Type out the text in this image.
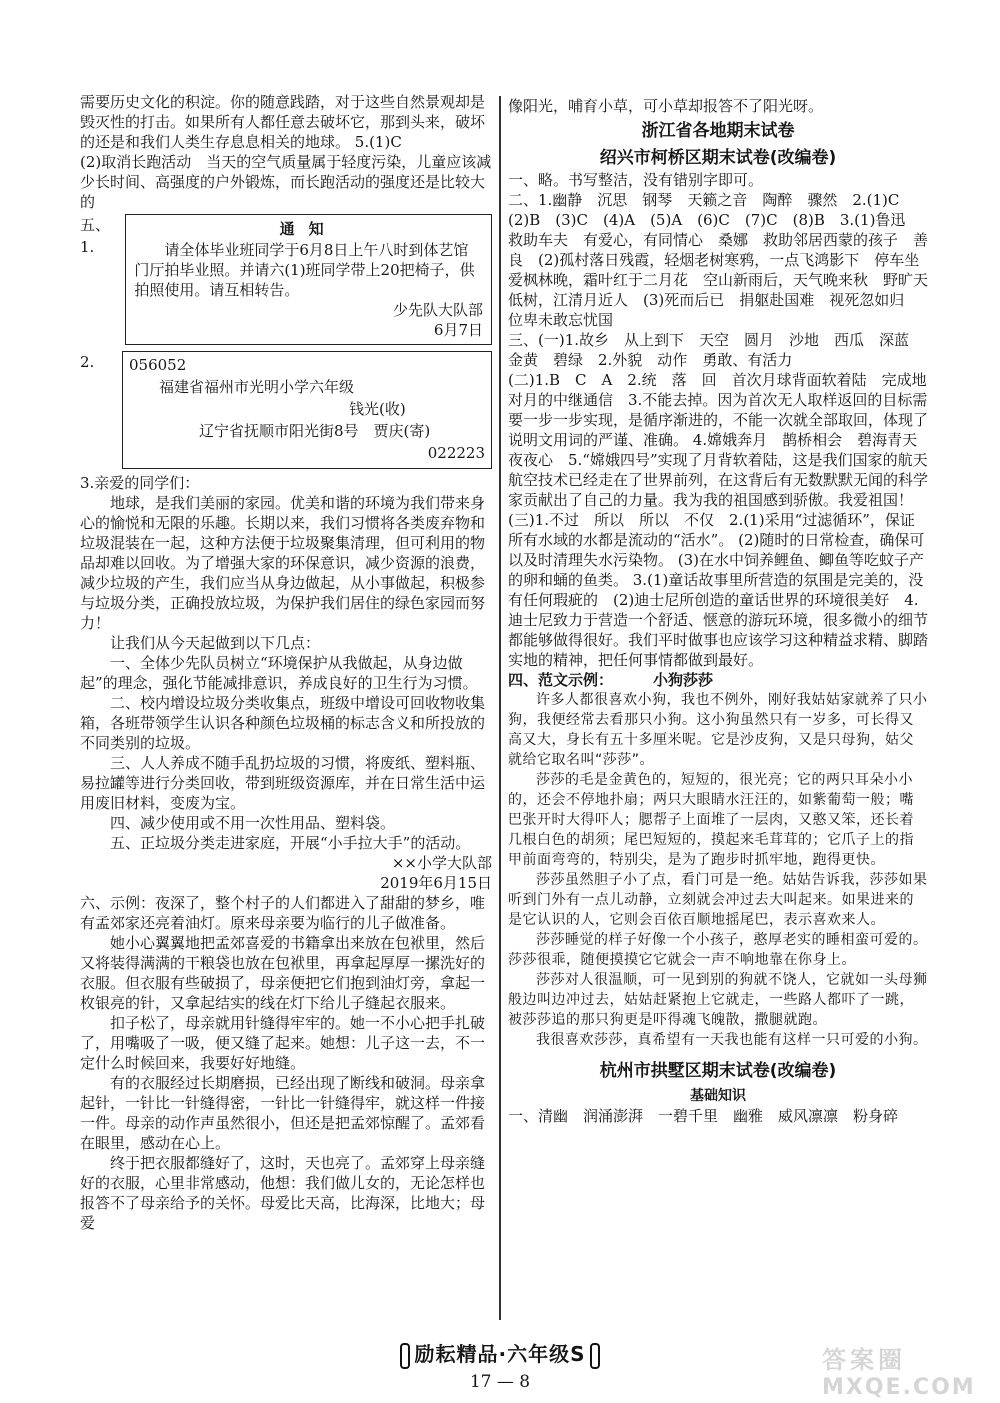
需要历史文化的积淀。你的随意践踏，对于这些自然景观却是毁灭性的打击。如果所有人都任意去破坏它，那到头来，破坏的还是和我们人类生存息息相关的地球。 5.(1)C

(2)取消长跑活动　当天的空气质量属于轻度污染，儿童应该减少长时间、高强度的户外锻炼，而长跑活动的强度还是比较大的

五、1.
通知

请全体毕业班同学于6月8日上午八时到体艺馆门厅拍毕业照。并请六(1)班同学带上20把椅子，供拍照使用。请互相转告。

少先队大队部

6月7日

2.	056052

福建省福州市光明小学六年级

钱光(收)

辽宁省抚顺市阳光街8号　贾庆(寄)

022223

3.亲爱的同学们：

地球，是我们美丽的家园。优美和谐的环境为我们带来身心的愉悦和无限的乐趣。长期以来，我们习惯将各类废弃物和垃圾混装在一起，这种方法便于垃圾聚集清理，但可利用的物品却难以回收。为了增强大家的环保意识，减少资源的浪费，减少垃圾的产生，我们应当从身边做起，从小事做起，积极参与垃圾分类，正确投放垃圾，为保护我们居住的绿色家园而努力！

让我们从今天起做到以下几点：

一、全体少先队员树立“环境保护从我做起，从身边做起”的理念，强化节能减排意识，养成良好的卫生行为习惯。

二、校内增设垃圾分类收集点，班级中增设可回收物收集箱，各班带领学生认识各种颜色垃圾桶的标志含义和所投放的不同类别的垃圾。

三、人人养成不随手乱扔垃圾的习惯，将废纸、塑料瓶、易拉罐等进行分类回收，带到班级资源库，并在日常生活中运用废旧材料，变废为宝。

四、减少使用或不用一次性用品、塑料袋。

五、正垃圾分类走进家庭，开展“小手拉大手”的活动。

××小学大队部

2019年6月15日

六、示例：夜深了，整个村子的人们都进入了甜甜的梦乡，唯有孟郊家还亮着油灯。原来母亲要为临行的儿子做准备。

她小心翼翼地把孟郊喜爱的书籍拿出来放在包袱里，然后又将装得满满的干粮袋也放在包袱里，再拿起厚厚一摞洗好的衣服。但衣服有些破损了，母亲便把它们抱到油灯旁，拿起一枚银亮的针，又拿起结实的线在灯下给儿子缝起衣服来。

扣子松了，母亲就用针缝得牢牢的。她一不小心把手扎破了，用嘴吸了一吸，便又缝了起来。她想：儿子这一去，不一定什么时候回来，我要好好地缝。

有的衣服经过长期磨损，已经出现了断线和破洞。母亲拿起针，一针比一针缝得密，一针比一针缝得牢，就这样一件接一件。母亲的动作声虽然很小，但还是把孟郊惊醒了。孟郊看在眼里，感动在心上。

终于把衣服都缝好了，这时，天也亮了。孟郊穿上母亲缝好的衣服，心里非常感动，他想：我们做儿女的，无论怎样也报答不了母亲给予的关怀。母爱比天高，比海深，比地大；母爱

像阳光，哺育小草，可小草却报答不了阳光呀。

浙江省各地期末试卷
绍兴市柯桥区期末试卷(改编卷)

一、略。书写整洁，没有错别字即可。

二、1.幽静　沉思　钢琴　天籁之音　陶醉　骤然　2.(1)C　(2)B　(3)C　(4)A　(5)A　(6)C　(7)C　(8)B　3.(1)鲁迅　救助车夫　有爱心，有同情心　桑娜　救助邻居西蒙的孩子　善良　(2)孤村落日残霞，轻烟老树寒鸦，一点飞鸿影下　停车坐爱枫林晚，霜叶红于二月花　空山新雨后，天气晚来秋　野旷天低树，江清月近人　(3)死而后已　捐躯赴国难　视死忽如归　位卑未敢忘忧国

三、(一)1.故乡　从上到下　天空　圆月　沙地　西瓜　深蓝　金黄　碧绿　2.外貌　动作　勇敢、有活力

(二)1.B　C　A　2.统　落　回　首次月球背面软着陆　完成地对月的中继通信　3.不能去掉。因为首次无人取样返回的目标需要一步一步实现，是循序渐进的，不能一次就全部取回，体现了说明文用词的严谨、准确。 4.嫦娥奔月　鹊桥相会　碧海青天夜夜心　5.“嫦娥四号”实现了月背软着陆，这是我们国家的航天航空技术已经走在了世界前列，在这背后有无数默默无闻的科学家贡献出了自己的力量。我为我的祖国感到骄傲。我爱祖国！

(三)1.不过　所以　所以　不仅　2.(1)采用“过滤循环”，保证所有水域的水都是流动的“活水”。 (2)随时的日常检查，确保可以及时清理失水污染物。 (3)在水中饲养鲤鱼、鲫鱼等吃蚊子产的卵和蛹的鱼类。 3.(1)童话故事里所营造的氛围是完美的，没有任何瑕疵的　(2)迪士尼所创造的童话世界的环境很美好　4.迪士尼致力于营造一个舒适、惬意的游玩环境，很多微小的细节都能够做得很好。我们平时做事也应该学习这种精益求精、脚踏实地的精神，把任何事情都做到最好。

四、范文示例：	小狗莎莎

许多人都很喜欢小狗，我也不例外，刚好我姑姑家就养了只小狗，我便经常去看那只小狗。这小狗虽然只有一岁多，可长得又高又大，身长有五十多厘米呢。它是沙皮狗，又是只母狗，姑父就给它取名叫“莎莎”。

莎莎的毛是金黄色的，短短的，很光亮；它的两只耳朵小小的，还会不停地扑扇；两只大眼睛水汪汪的，如紫葡萄一般；嘴巴张开时大得吓人；腮帮子上面堆了一层肉，又憨又笨，还长着几根白色的胡须；尾巴短短的，摸起来毛茸茸的；它爪子上的指甲前面弯弯的，特别尖，是为了跑步时抓牢地，跑得更快。

莎莎虽然胆子小了点，看门可是一绝。姑姑告诉我，莎莎如果听到门外有一点儿动静，立刻就会冲过去大叫起来。如果进来的是它认识的人，它则会百依百顺地摇尾巴，表示喜欢来人。

莎莎睡觉的样子好像一个小孩子，憨厚老实的睡相蛮可爱的。莎莎很乖，随便摸摸它它就会一声不响地靠在你身上。

莎莎对人很温顺，可一见到别的狗就不饶人，它就如一头母狮般边叫边冲过去，姑姑赶紧抱上它就走，一些路人都吓了一跳，被莎莎追的那只狗更是吓得魂飞魄散，撒腿就跑。

我很喜欢莎莎，真希望有一天我也能有这样一只可爱的小狗。

杭州市拱墅区期末试卷(改编卷)
基础知识

一、清幽　润涌澎湃　一碧千里　幽雅　威风凛凛　粉身碎

励耘精品·六年级S
17 — 8
答案圈
MXQE.COM
